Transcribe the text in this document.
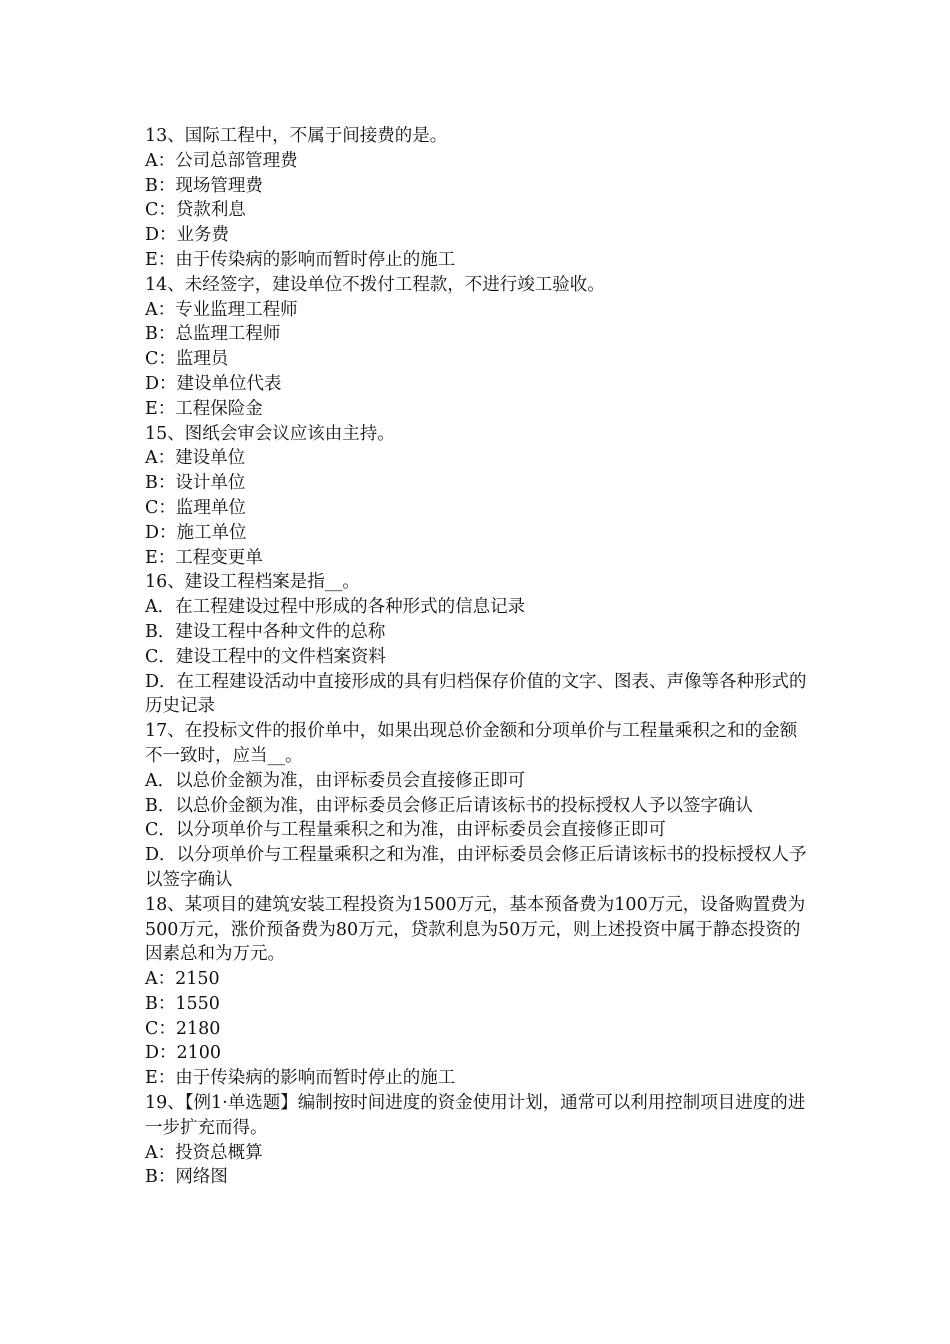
13、国际工程中，不属于间接费的是。

A：公司总部管理费

B：现场管理费

C：贷款利息

D：业务费

E：由于传染病的影响而暂时停止的施工

14、未经签字，建设单位不拨付工程款，不进行竣工验收。

A：专业监理工程师

B：总监理工程师

C：监理员

D：建设单位代表

E：工程保险金

15、图纸会审会议应该由主持。

A：建设单位

B：设计单位

C：监理单位

D：施工单位

E：工程变更单

16、建设工程档案是指__。

A．在工程建设过程中形成的各种形式的信息记录

B．建设工程中各种文件的总称

C．建设工程中的文件档案资料

D．在工程建设活动中直接形成的具有归档保存价值的文字、图表、声像等各种形式的历史记录

17、在投标文件的报价单中，如果出现总价金额和分项单价与工程量乘积之和的金额不一致时，应当__。

A．以总价金额为准，由评标委员会直接修正即可

B．以总价金额为准，由评标委员会修正后请该标书的投标授权人予以签字确认

C．以分项单价与工程量乘积之和为准，由评标委员会直接修正即可

D．以分项单价与工程量乘积之和为准，由评标委员会修正后请该标书的投标授权人予以签字确认

18、某项目的建筑安装工程投资为1500万元，基本预备费为100万元，设备购置费为500万元，涨价预备费为80万元，贷款利息为50万元，则上述投资中属于静态投资的因素总和为万元。

A：2150

B：1550

C：2180

D：2100

E：由于传染病的影响而暂时停止的施工

19、【例1·单选题】编制按时间进度的资金使用计划，通常可以利用控制项目进度的进一步扩充而得。

A：投资总概算

B：网络图
